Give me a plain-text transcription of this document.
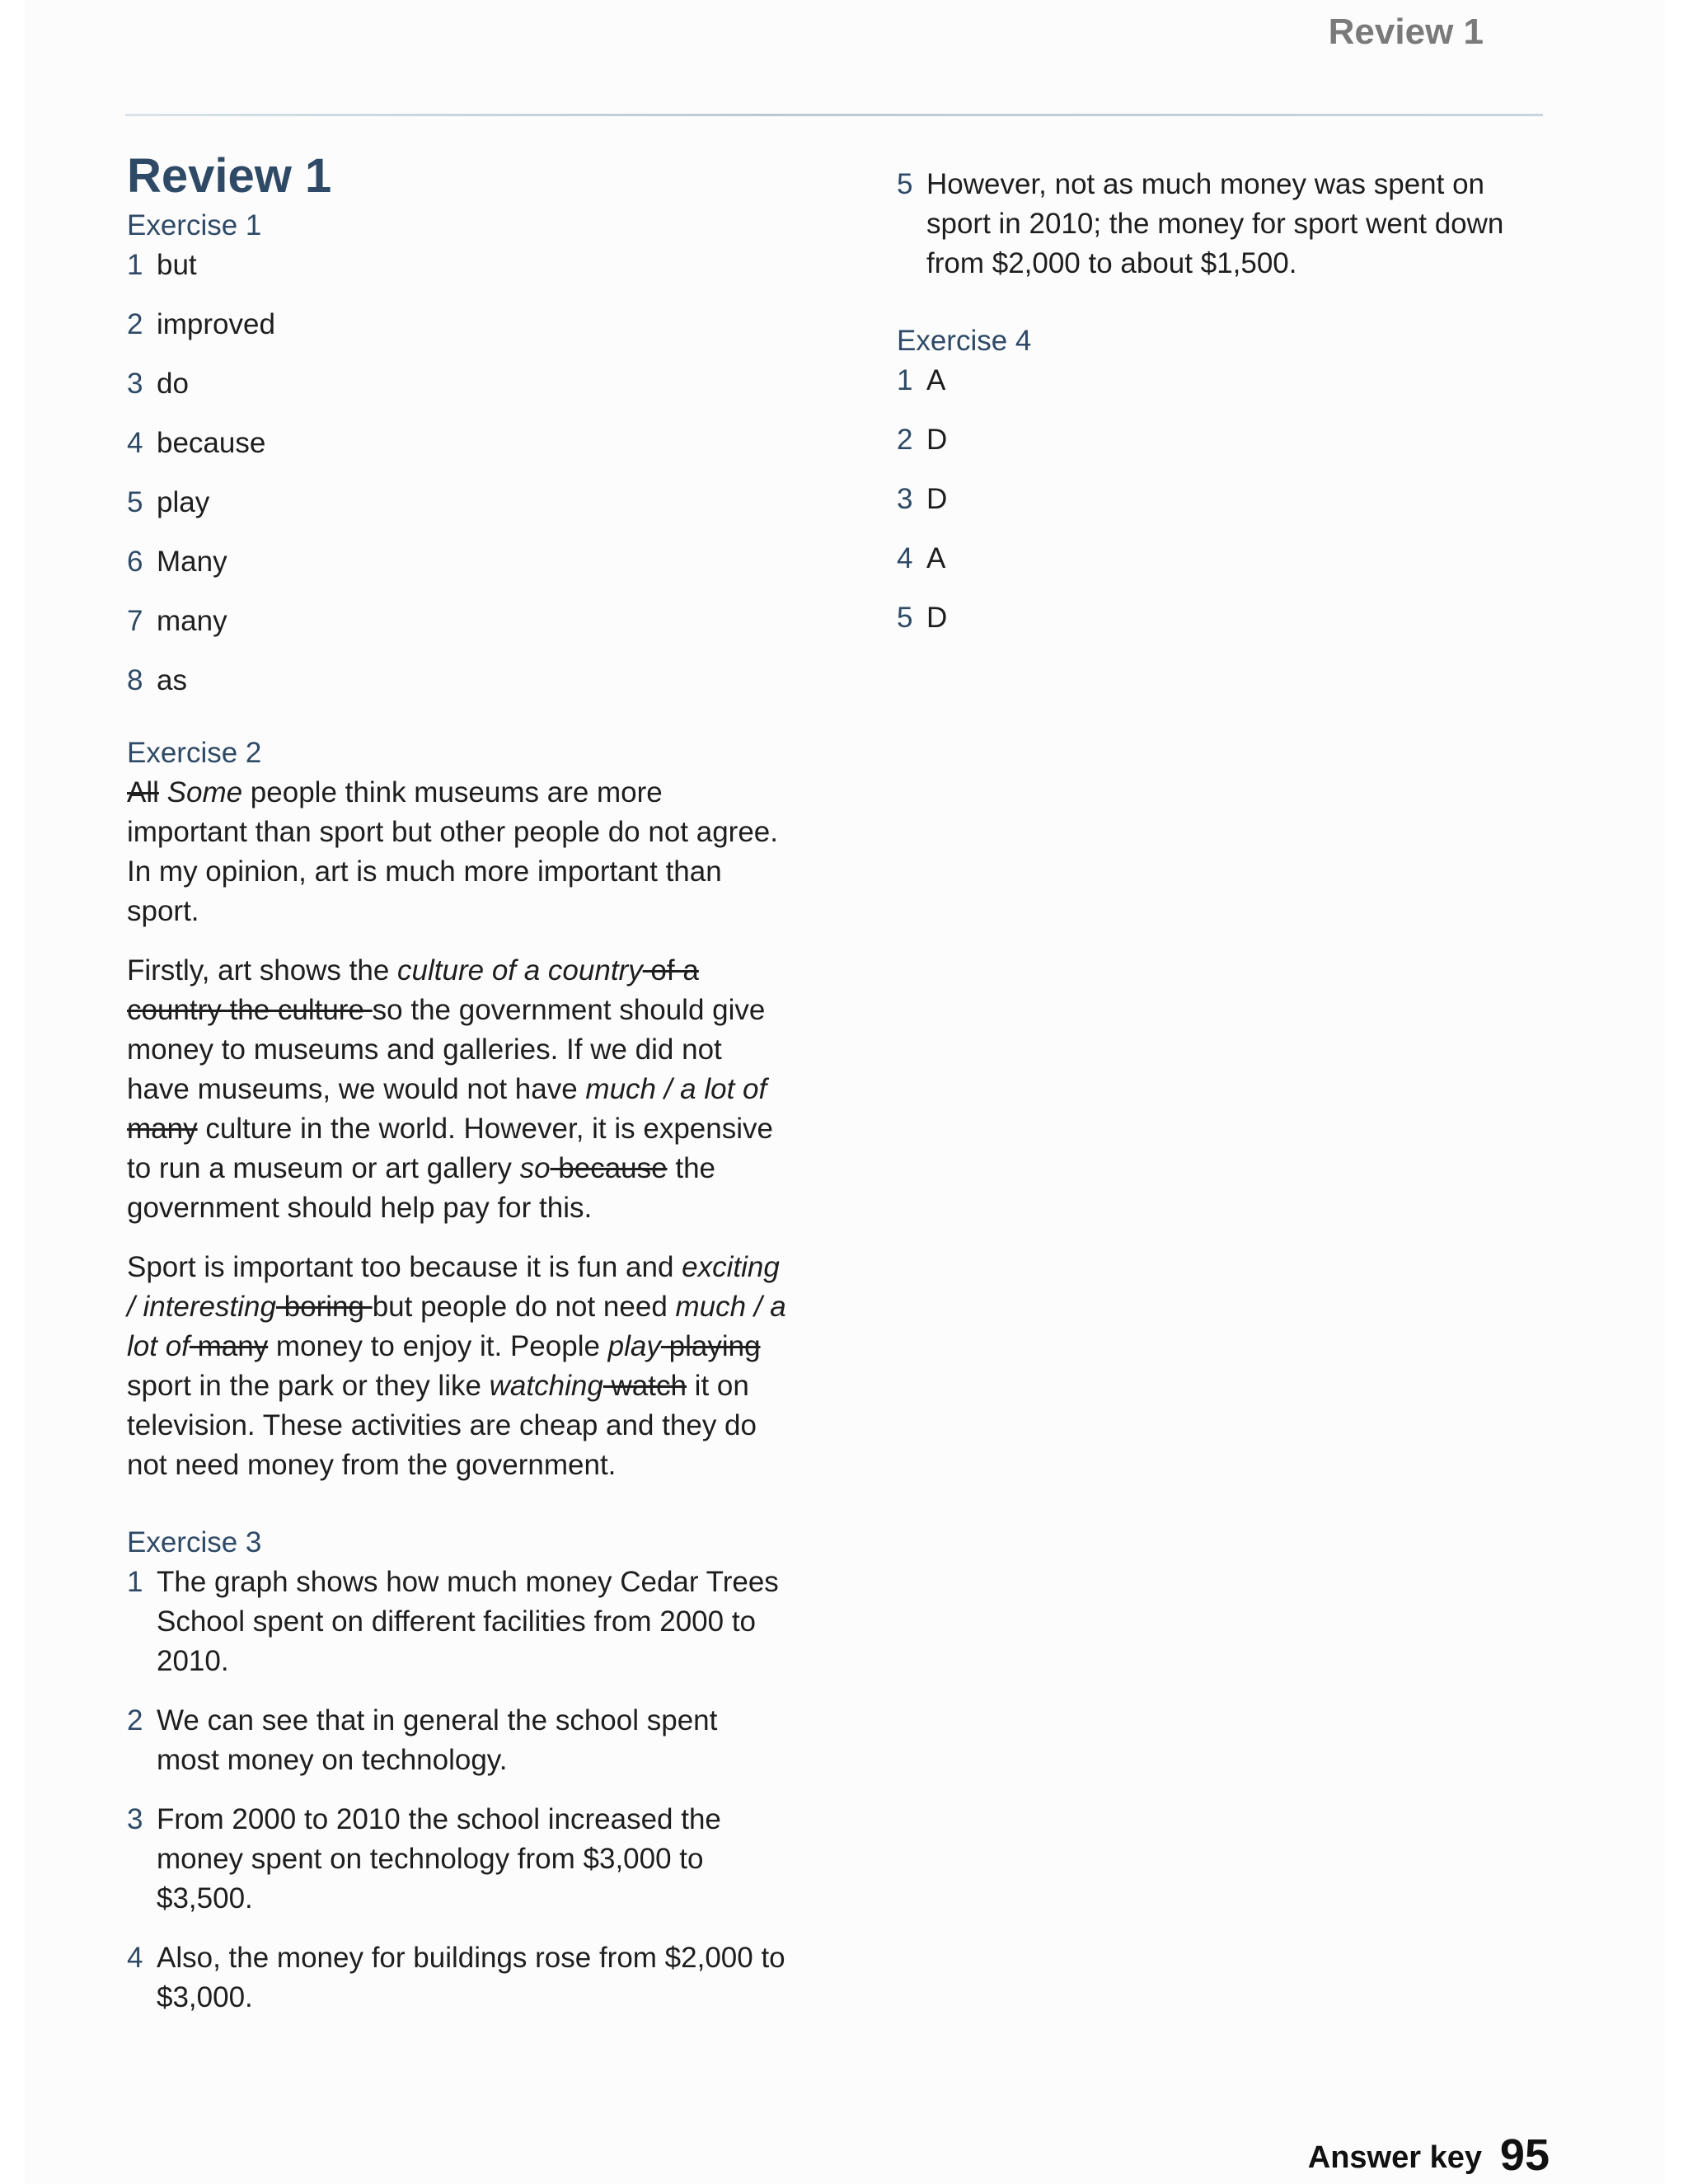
Review 1
Review 1
Exercise 1
1 but
2 improved
3 do
4 because
5 play
6 Many
7 many
8 as
Exercise 2

All Some people think museums are more important than sport but other people do not agree. In my opinion, art is much more important than sport.

Firstly, art shows the culture of a country of a country the culture so the government should give money to museums and galleries. If we did not have museums, we would not have much / a lot of many culture in the world. However, it is expensive to run a museum or art gallery so because the government should help pay for this.

Sport is important too because it is fun and exciting / interesting boring but people do not need much / a lot of many money to enjoy it. People play playing sport in the park or they like watching watch it on television. These activities are cheap and they do not need money from the government.

Exercise 3
1 The graph shows how much money Cedar Trees School spent on different facilities from 2000 to 2010.
2 We can see that in general the school spent most money on technology.
3 From 2000 to 2010 the school increased the money spent on technology from $3,000 to $3,500.
4 Also, the money for buildings rose from $2,000 to $3,000.
5 However, not as much money was spent on sport in 2010; the money for sport went down from $2,000 to about $1,500.
Exercise 4
1 A
2 D
3 D
4 A
5 D
Answer key 95
